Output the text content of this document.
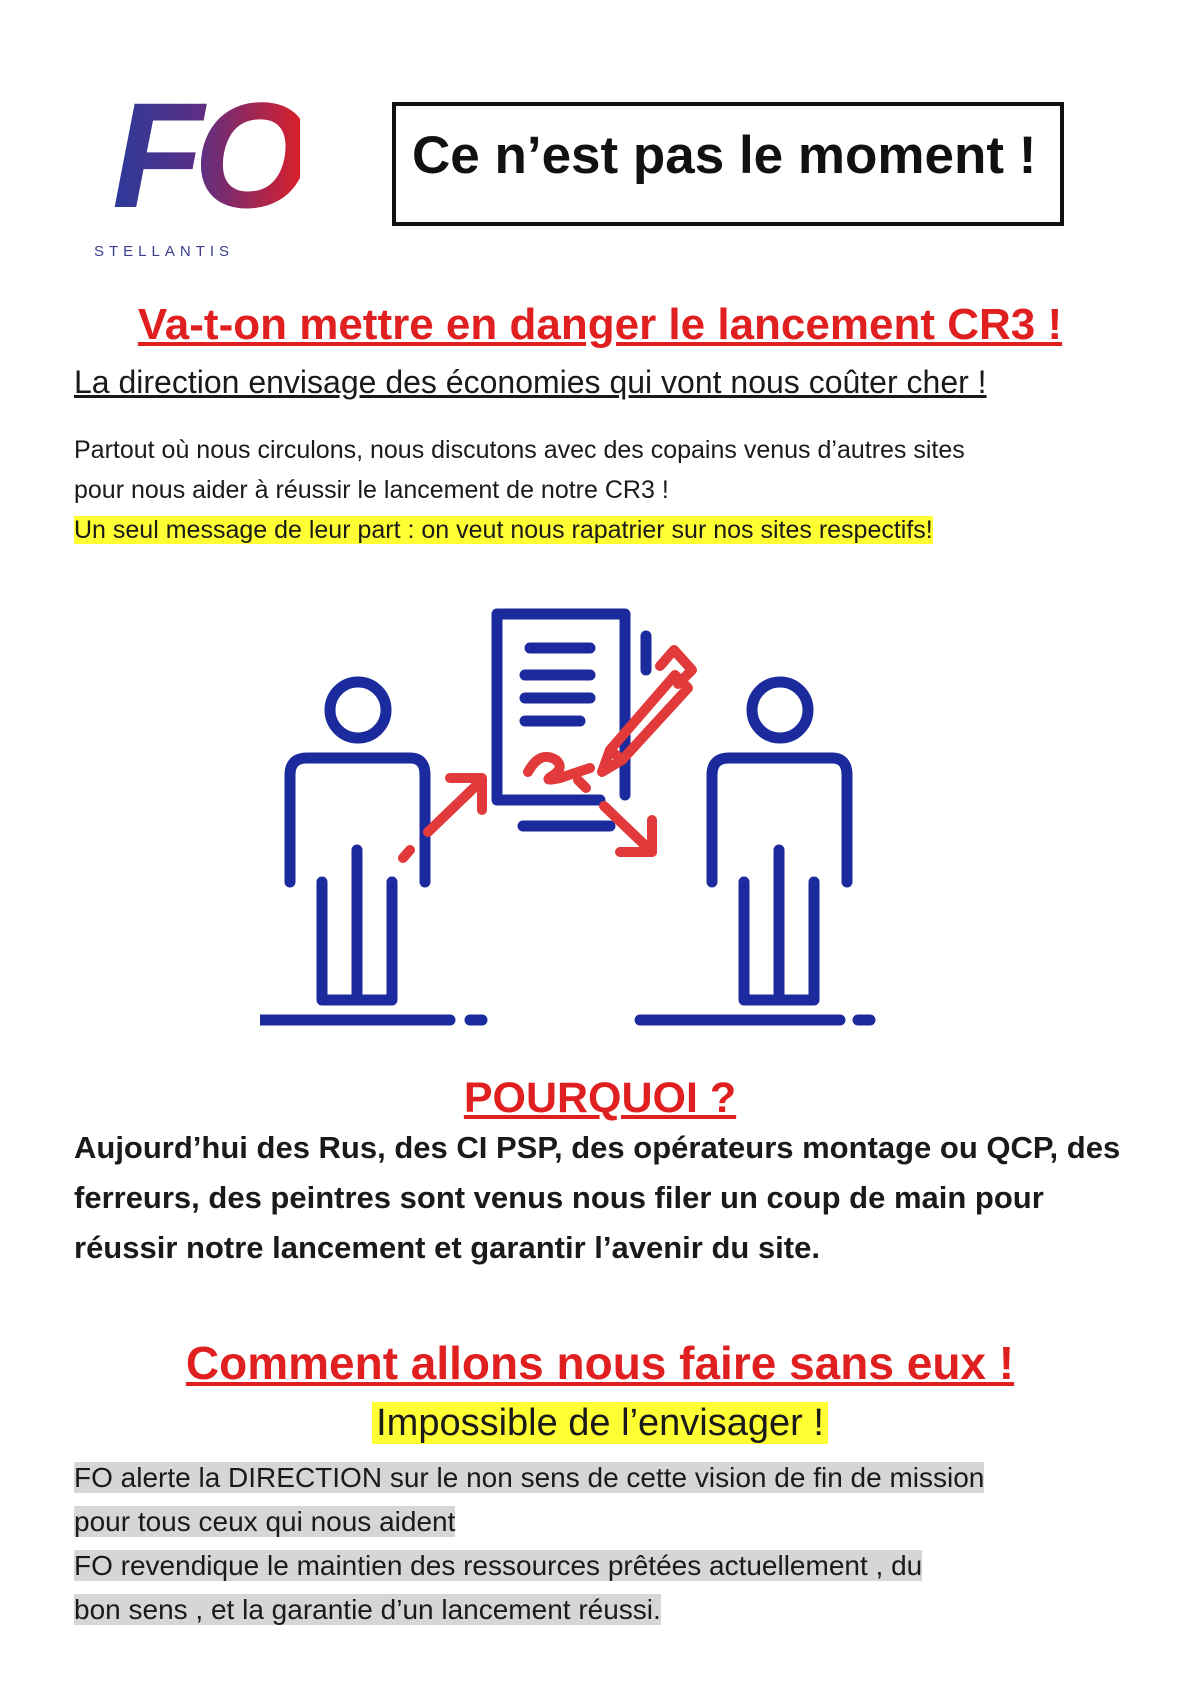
FO
STELLANTIS
Ce n’est pas le moment !
Va-t-on mettre en danger le lancement CR3 !
La direction envisage des économies qui vont nous coûter cher !
Partout où nous circulons, nous discutons avec des copains venus d’autres sites
pour nous aider à réussir le lancement de notre CR3 !
Un seul message de leur part : on veut nous rapatrier sur nos sites respectifs!
POURQUOI ?
Aujourd’hui des Rus, des CI PSP, des opérateurs montage ou QCP, des ferreurs, des peintres sont venus nous filer un coup de main pour réussir notre lancement et garantir l’avenir du site.
Comment allons nous faire sans eux !
Impossible de l’envisager !
FO alerte la DIRECTION sur le non sens de cette vision de fin de mission
pour tous ceux qui nous aident
FO revendique le maintien des ressources prêtées actuellement , du
bon sens , et la garantie d’un lancement réussi.
